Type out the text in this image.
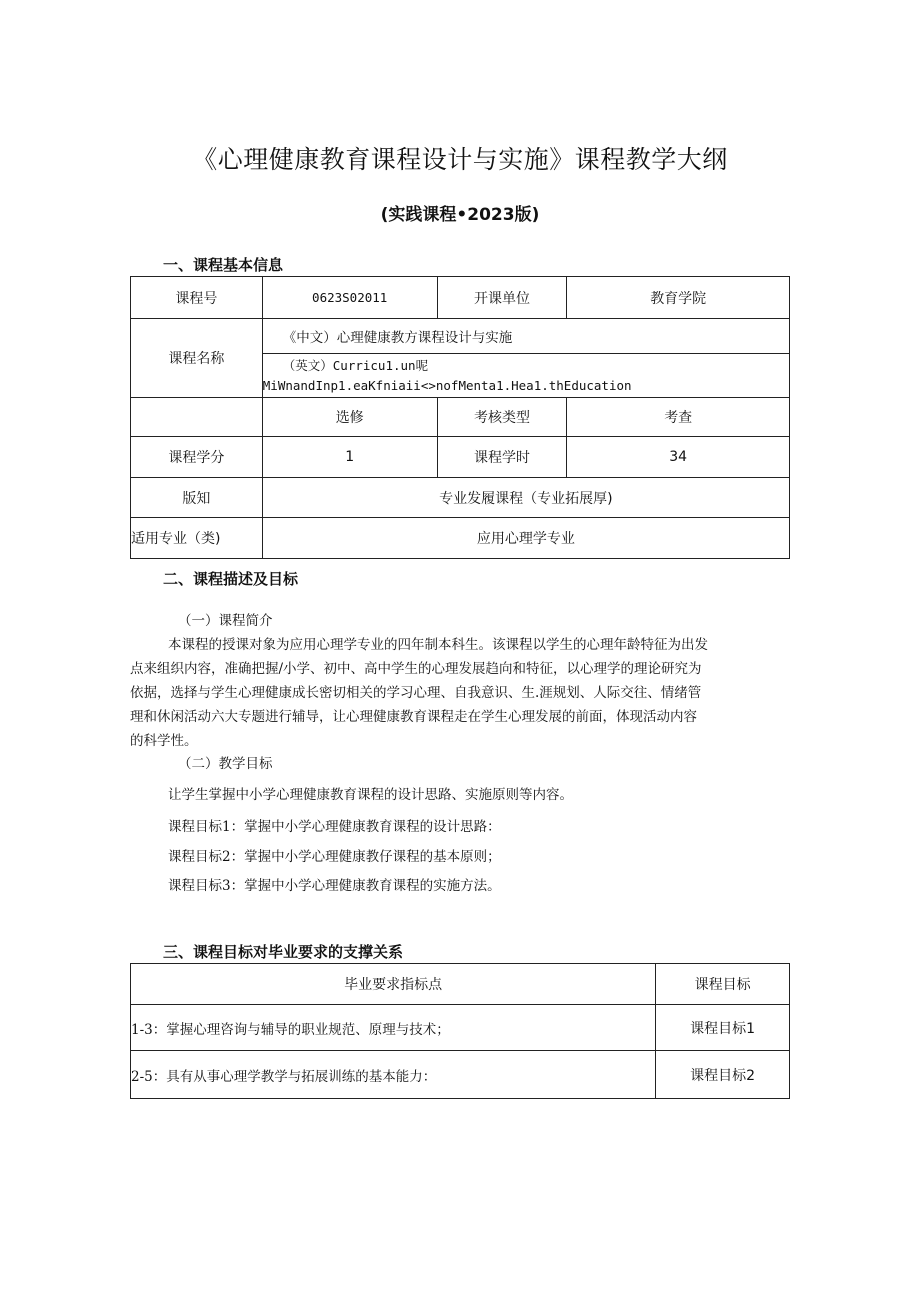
《心理健康教育课程设计与实施》课程教学大纲
(实践课程•2023版)
一、课程基本信息
课程号	0623S02011	开课单位	教育学院
课程名称	《中文）心理健康教方课程设计与实施		

	（英文）Curricu1.un呢
MiWnandInp1.eaKfniaii<>nofMenta1.Hea1.thEducation		

	选修	考核类型	考查
课程学分	1	课程学时	34
版知	专业发履课程（专业拓展厚)		
适用专业（类)	应用心理学专业		
二、课程描述及目标
（一）课程简介
本课程的授课对象为应用心理学专业的四年制本科生。该课程以学生的心理年龄特征为出发
点来组织内容，准确把握/小学、初中、高中学生的心理发展趋向和特征，以心理学的理论研究为
依据，选择与学生心理健康成长密切相关的学习心理、自我意识、生.涯规划、人际交往、情绪管
理和休闲活动六大专题进行辅导，让心理健康教育课程走在学生心理发展的前面，体现活动内容
的科学性。
（二）教学目标
让学生掌握中小学心理健康教育课程的设计思路、实施原则等内容。
课程目标1：掌握中小学心理健康教育课程的设计思路：
课程目标2：掌握中小学心理健康教仔课程的基本原则；
课程目标3：掌握中小学心理健康教育课程的实施方法。
三、课程目标对毕业要求的支撑关系
毕业要求指标点	课程目标
1-3：掌握心理咨询与辅导的职业规范、原理与技术；	课程目标1
2-5：具有从事心理学教学与拓展训练的基本能力：	课程目标2
